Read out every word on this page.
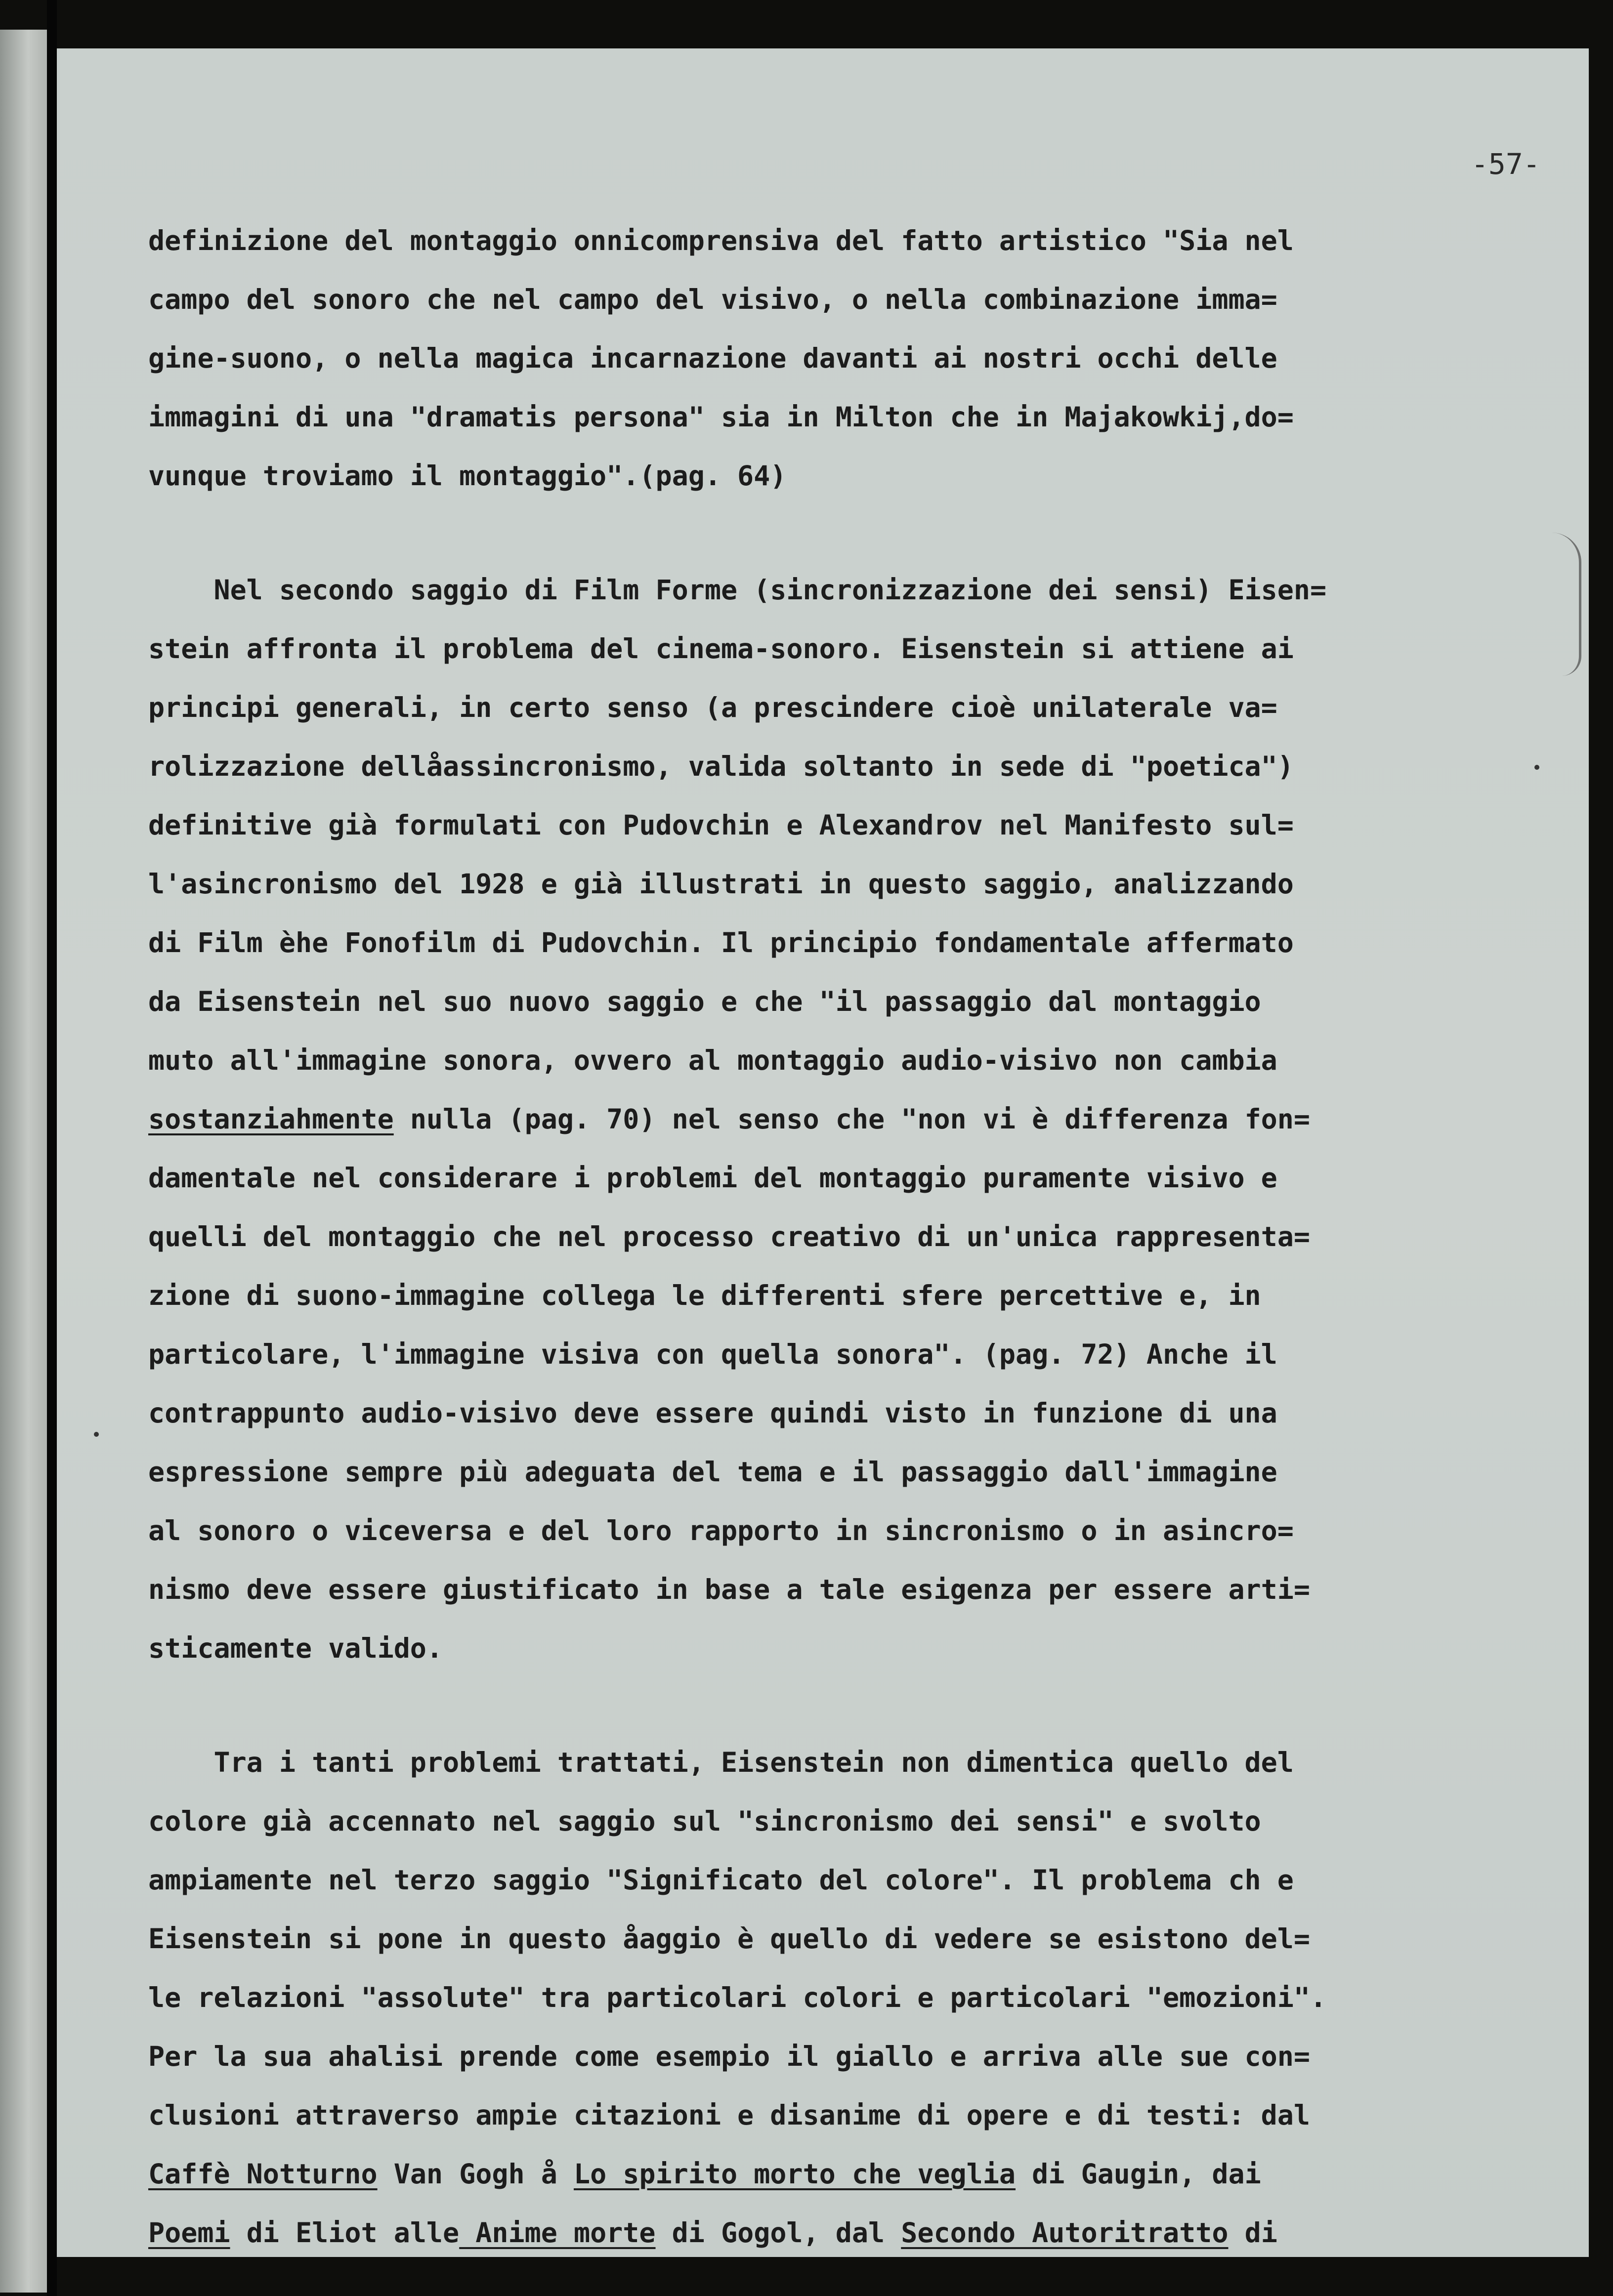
-57-
definizione del montaggio onnicomprensiva del fatto artistico "Sia nel
campo del sonoro che nel campo del visivo, o nella combinazione imma=
gine-suono, o nella magica incarnazione davanti ai nostri occhi delle
immagini di una "dramatis persona" sia in Milton che in Majakowkij,do=
vunque troviamo il montaggio".(pag. 64)
Nel secondo saggio di Film Forme (sincronizzazione dei sensi) Eisen=
stein affronta il problema del cinema-sonoro. Eisenstein si attiene ai
principi generali, in certo senso (a prescindere cioè unilaterale va=
rolizzazione dellåassincronismo, valida soltanto in sede di "poetica")
definitive già formulati con Pudovchin e Alexandrov nel Manifesto sul=
l'asincronismo del 1928 e già illustrati in questo saggio, analizzando
di Film èhe Fonofilm di Pudovchin. Il principio fondamentale affermato
da Eisenstein nel suo nuovo saggio e che "il passaggio dal montaggio
muto all'immagine sonora, ovvero al montaggio audio-visivo non cambia
sostanziahmente nulla (pag. 70) nel senso che "non vi è differenza fon=
damentale nel considerare i problemi del montaggio puramente visivo e
quelli del montaggio che nel processo creativo di un'unica rappresenta=
zione di suono-immagine collega le differenti sfere percettive e, in
particolare, l'immagine visiva con quella sonora". (pag. 72) Anche il
contrappunto audio-visivo deve essere quindi visto in funzione di una
espressione sempre più adeguata del tema e il passaggio dall'immagine
al sonoro o viceversa e del loro rapporto in sincronismo o in asincro=
nismo deve essere giustificato in base a tale esigenza per essere arti=
sticamente valido.
Tra i tanti problemi trattati, Eisenstein non dimentica quello del
colore già accennato nel saggio sul "sincronismo dei sensi" e svolto
ampiamente nel terzo saggio "Significato del colore". Il problema ch e
Eisenstein si pone in questo åaggio è quello di vedere se esistono del=
le relazioni "assolute" tra particolari colori e particolari "emozioni".
Per la sua ahalisi prende come esempio il giallo e arriva alle sue con=
clusioni attraverso ampie citazioni e disanime di opere e di testi: dal
Caffè Notturno Van Gogh å Lo spirito morto che veglia di Gaugin, dai
Poemi di Eliot alle Anime morte di Gogol, dal Secondo Autoritratto di
